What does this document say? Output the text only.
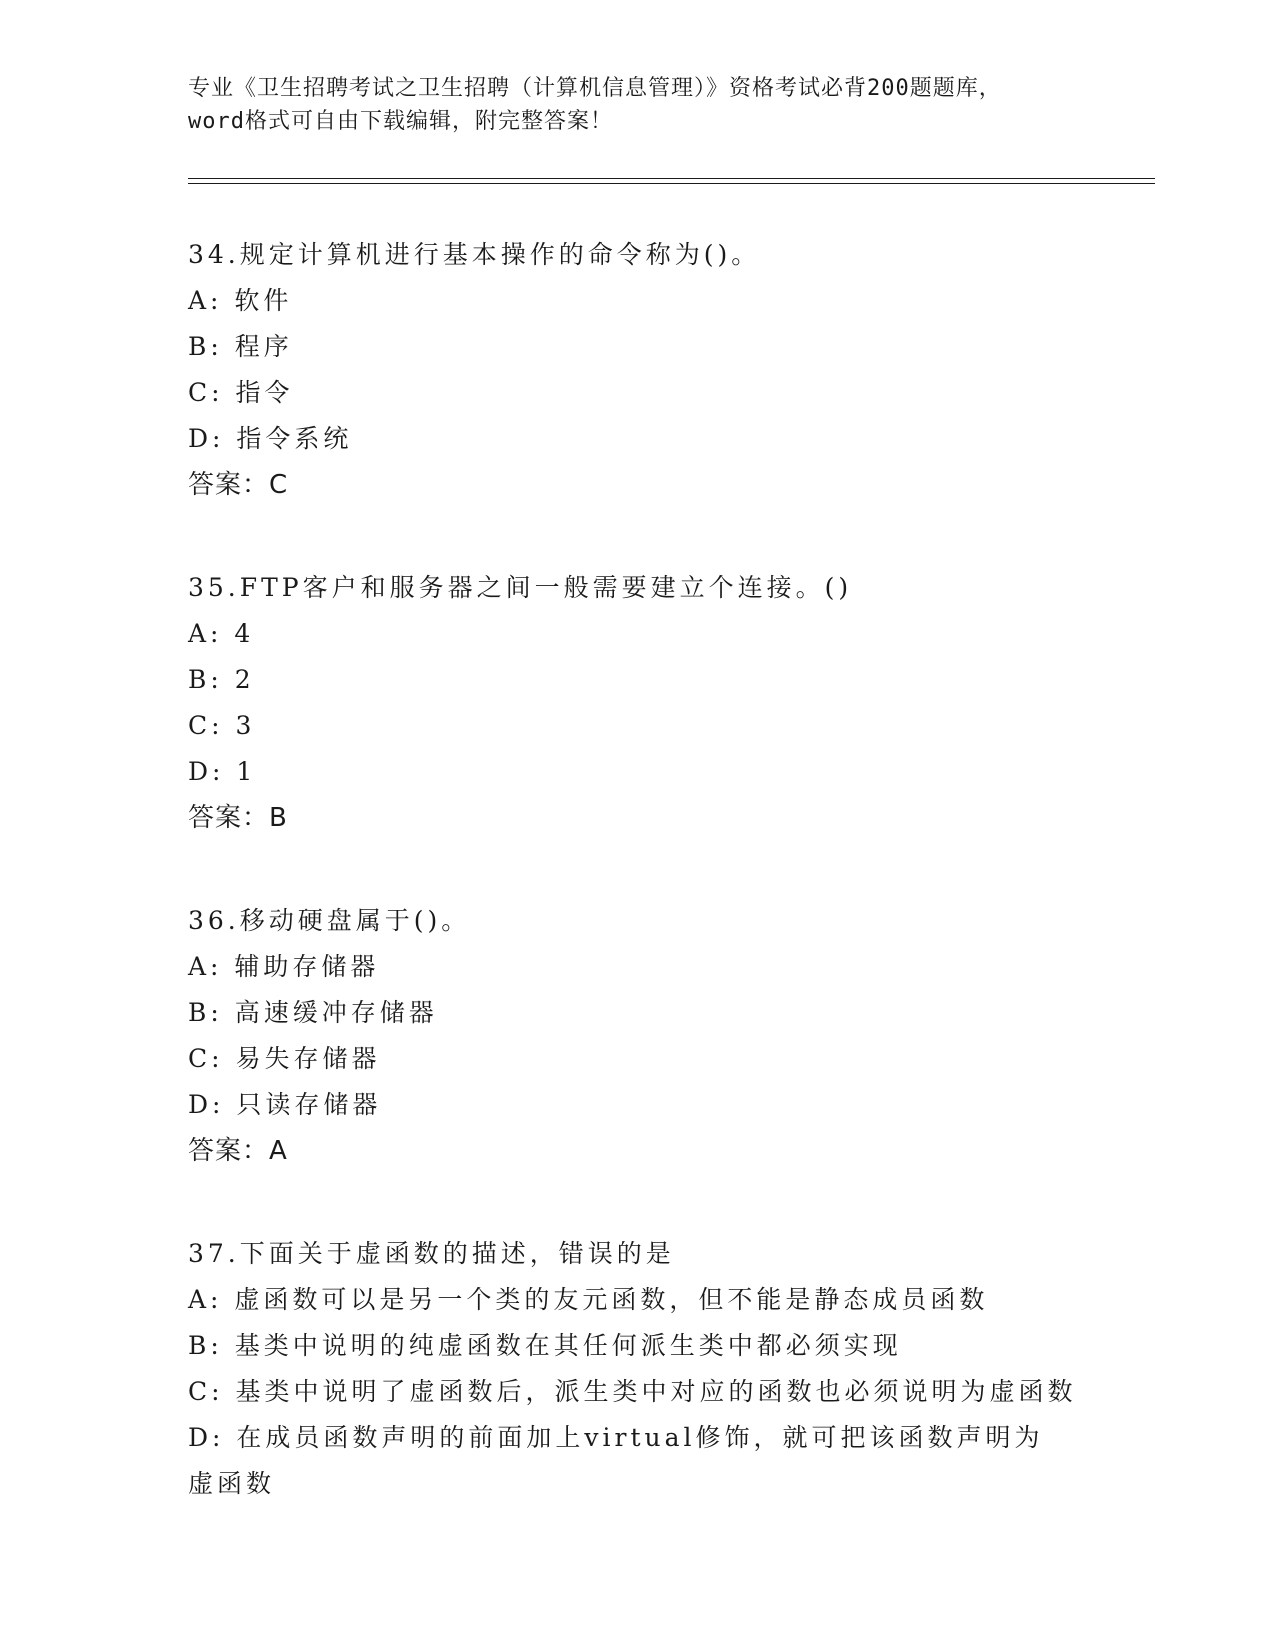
专业《卫生招聘考试之卫生招聘（计算机信息管理）》资格考试必背200题题库，
word格式可自由下载编辑，附完整答案！
34.规定计算机进行基本操作的命令称为()。
A: 软件
B: 程序
C: 指令
D: 指令系统
答案：C
35.FTP客户和服务器之间一般需要建立个连接。()
A: 4
B: 2
C: 3
D: 1
答案：B
36.移动硬盘属于()。
A: 辅助存储器
B: 高速缓冲存储器
C: 易失存储器
D: 只读存储器
答案：A
37.下面关于虚函数的描述，错误的是
A: 虚函数可以是另一个类的友元函数，但不能是静态成员函数
B: 基类中说明的纯虚函数在其任何派生类中都必须实现
C: 基类中说明了虚函数后，派生类中对应的函数也必须说明为虚函数
D: 在成员函数声明的前面加上virtual修饰，就可把该函数声明为虚函数
